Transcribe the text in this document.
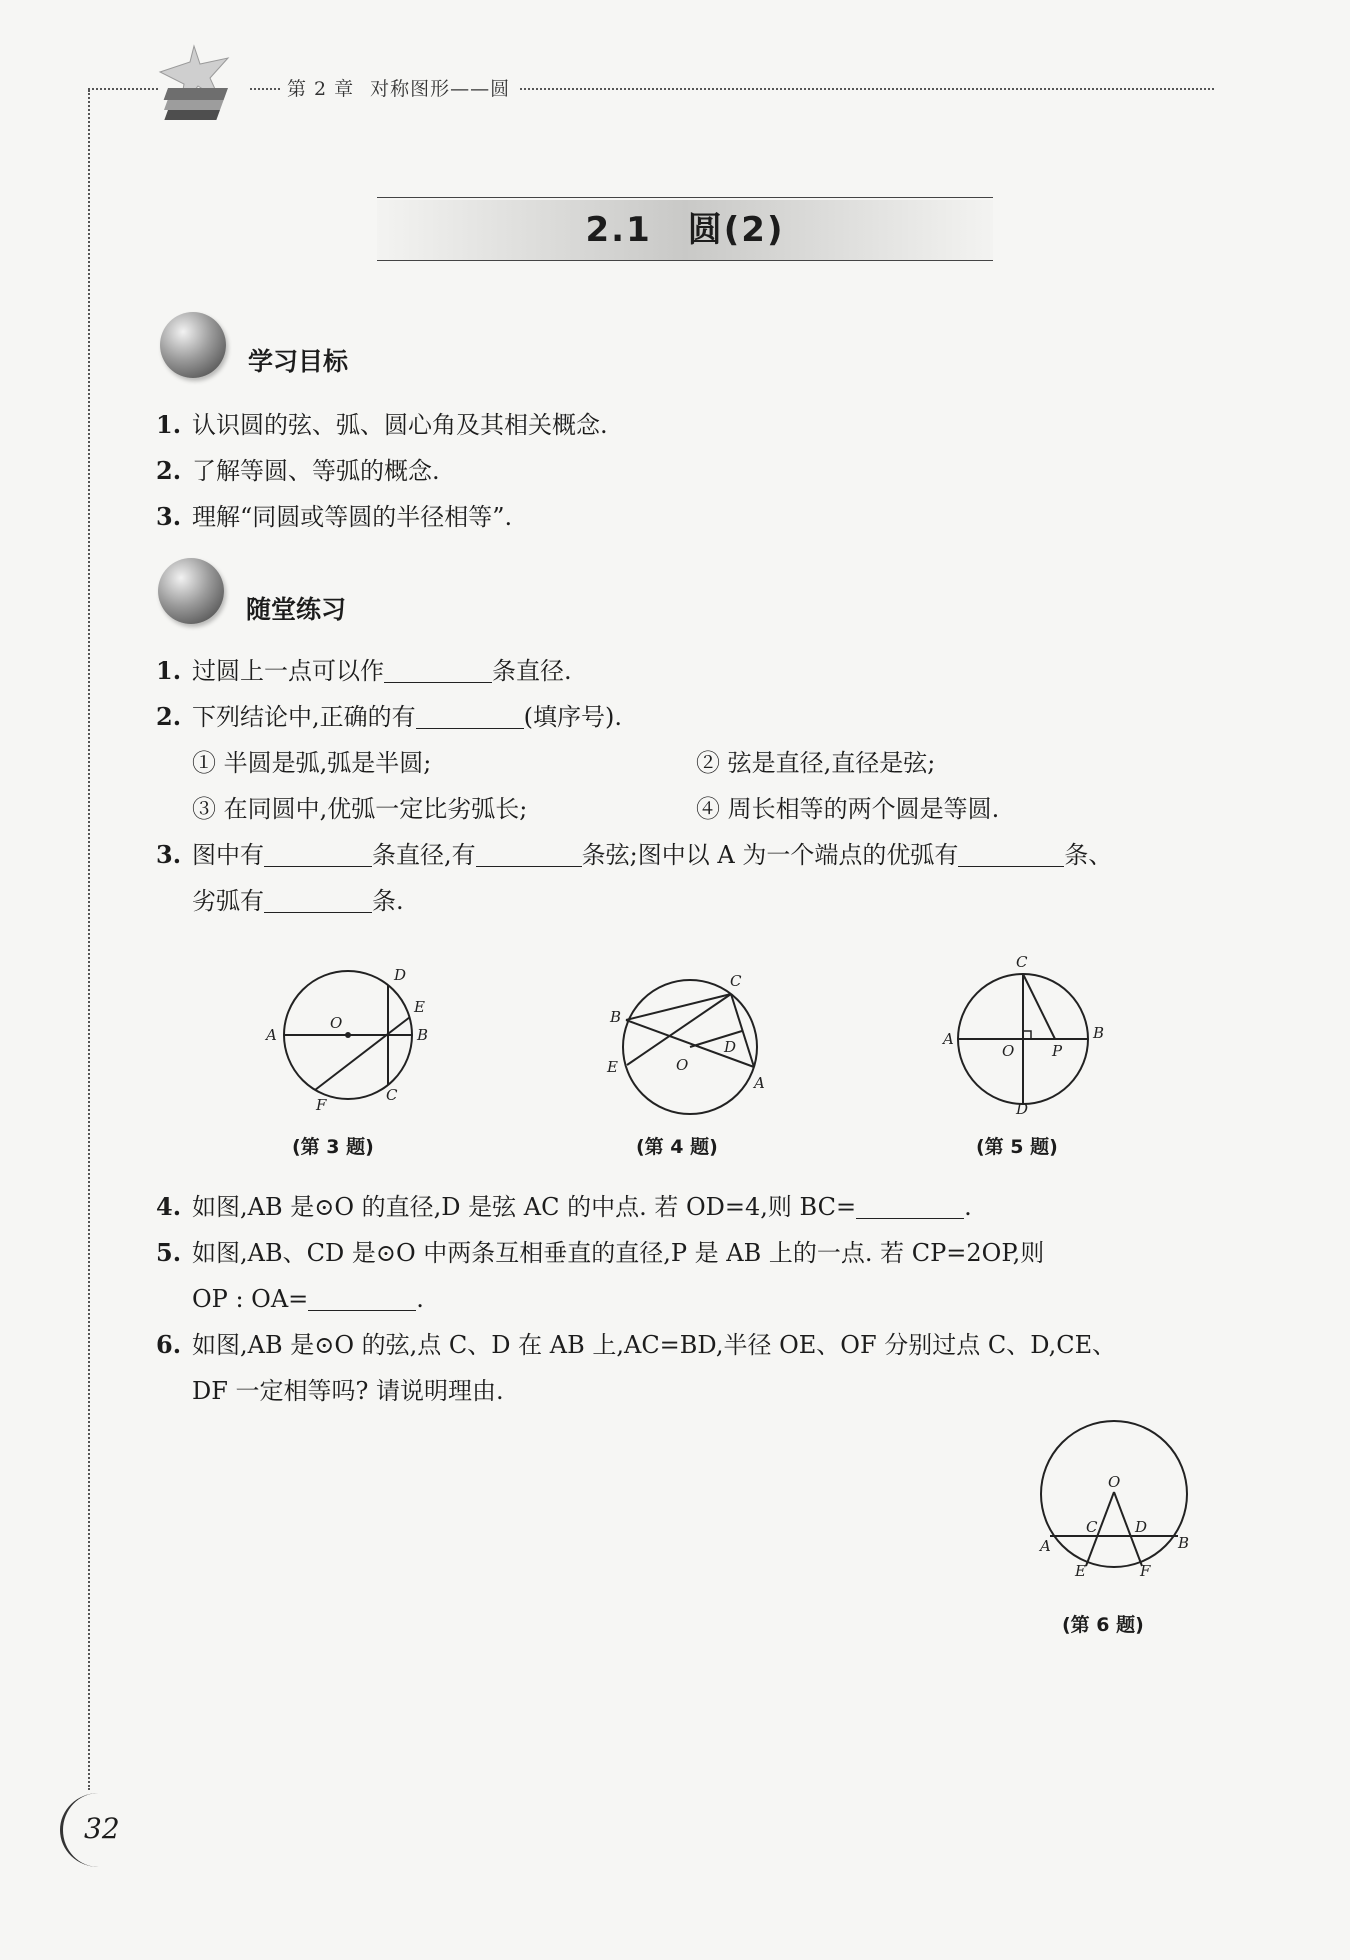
第 2 章 对称图形——圆
2.1　圆(2)
学习目标
1. 认识圆的弦、弧、圆心角及其相关概念.
2. 了解等圆、等弧的概念.
3. 理解“同圆或等圆的半径相等”.
随堂练习
1. 过圆上一点可以作	条直径.
2. 下列结论中,正确的有	(填序号).
① 半圆是弧,弧是半圆;	② 弦是直径,直径是弦;
③ 在同圆中,优弧一定比劣弧长;	④ 周长相等的两个圆是等圆.
3. 图中有	条直径,有	条弦;图中以 A 为一个端点的优弧有	条、
劣弧有	条.
A
O
B
D
E
C
F
(第 3 题)
B
C
D
E	O
A
(第 4 题)
C
A
O	P
B
D
(第 5 题)
4. 如图,AB 是⊙O 的直径,D 是弦 AC 的中点. 若 OD=4,则 BC=	.
5. 如图,AB、CD 是⊙O 中两条互相垂直的直径,P 是 AB 上的一点. 若 CP=2OP,则
OP : OA=	.
6. 如图,AB 是⊙O 的弦,点 C、D 在 AB 上,AC=BD,半径 OE、OF 分别过点 C、D,CE、
DF 一定相等吗? 请说明理由.
O
C	D
A	B
E	F
(第 6 题)
32
